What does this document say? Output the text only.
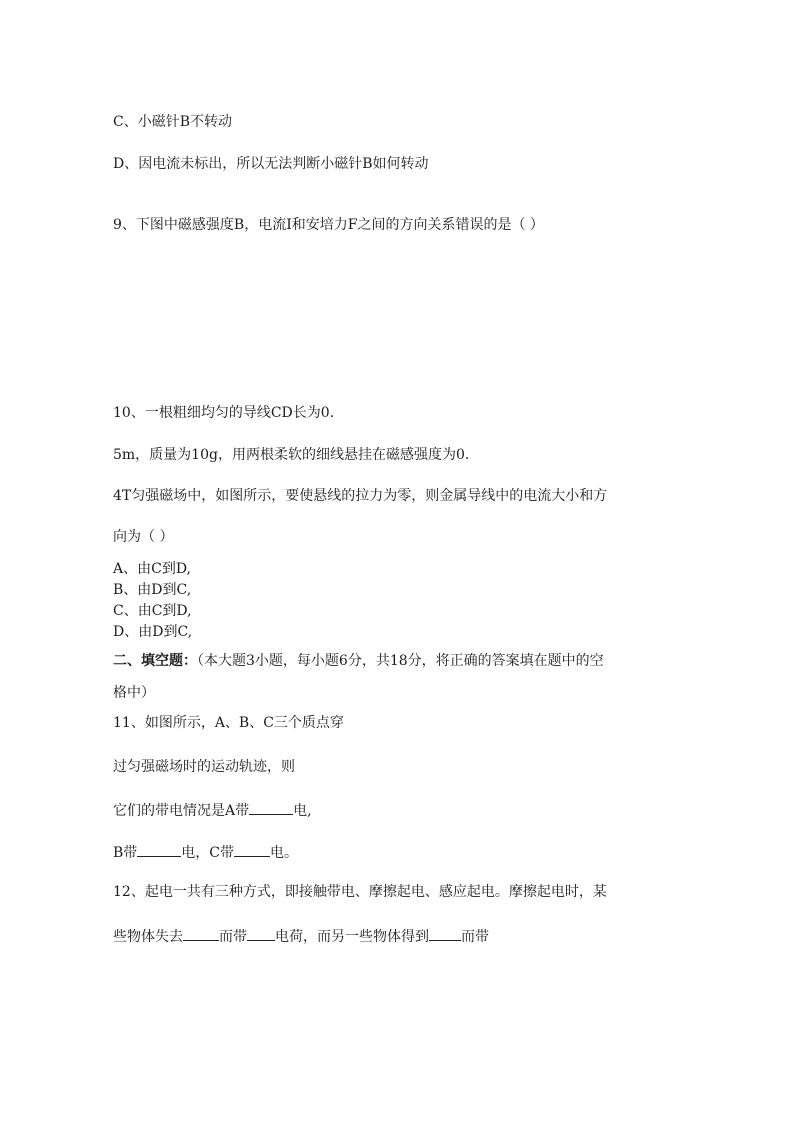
C、小磁针B不转动
D、因电流未标出，所以无法判断小磁针B如何转动
9、下图中磁感强度B，电流I和安培力F之间的方向关系错误的是（ ）
10、一根粗细均匀的导线CD长为0.
5m，质量为10g，用两根柔软的细线悬挂在磁感强度为0.
4T匀强磁场中，如图所示，要使悬线的拉力为零，则金属导线中的电流大小和方
向为（ ）
A、由C到D,
B、由D到C,
C、由C到D,
D、由D到C,
二、填空题：（本大题3小题，每小题6分，共18分，将正确的答案填在题中的空
格中）
11、如图所示，A、B、C三个质点穿
过匀强磁场时的运动轨迹，则
它们的带电情况是A带	电,
B带	电，C带	电。
12、起电一共有三种方式，即接触带电、摩擦起电、感应起电。摩擦起电时，某
些物体失去	而带 电荷，而另一些物体得到 而带
